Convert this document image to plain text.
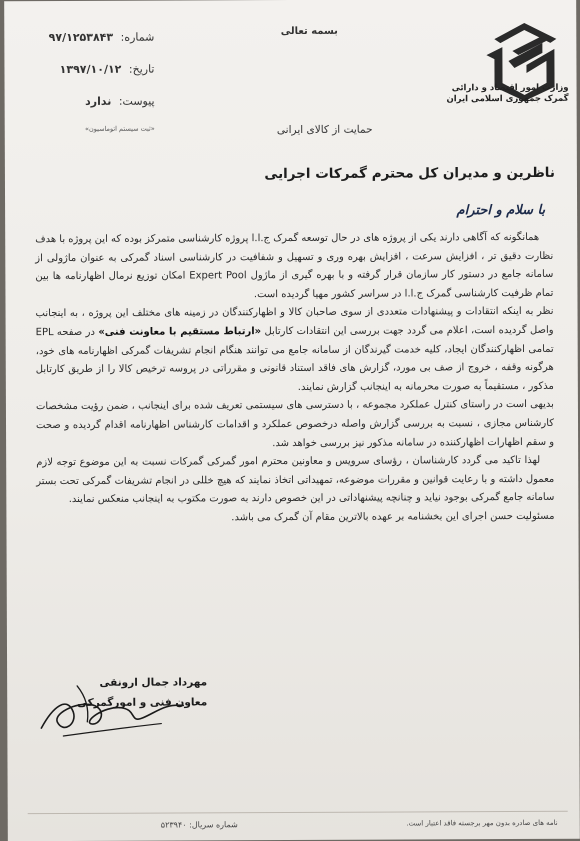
شماره: ۹۷/۱۲۵۳۸۴۳
تاریخ: ۱۳۹۷/۱۰/۱۲
پیوست: ندارد
«ثبت سیستم اتوماسیون»
بسمه تعالی
وزارت امور اقتصاد و دارائی
گمرک جمهوری اسلامی ایران
حمایت از کالای ایرانی
ناظرین و مدیران کل محترم گمرکات اجرایی
با سلام و احترام

همانگونه که آگاهی دارند یکی از پروژه های در حال توسعه گمرک ج.ا.ا پروژه کارشناسی متمرکز بوده که این پروژه با هدف نظارت دقیق تر ، افزایش سرعت ، افزایش بهره وری و تسهیل و شفافیت در کارشناسی اسناد گمرکی به عنوان ماژولی از سامانه جامع در دستور کار سازمان قرار گرفته و با بهره گیری از ماژول Expert Pool امکان توزیع نرمال اظهارنامه ها بین تمام ظرفیت کارشناسی گمرک ج.ا.ا در سراسر کشور مهیا گردیده است.

نظر به اینکه انتقادات و پیشنهادات متعددی از سوی صاحبان کالا و اظهارکنندگان در زمینه های مختلف این پروژه ، به اینجانب واصل گردیده است، اعلام می گردد جهت بررسی این انتقادات کارتابل «ارتباط مستقیم با معاونت فنی» در صفحه EPL تمامی اظهارکنندگان ایجاد، کلیه خدمت گیرندگان از سامانه جامع می توانند هنگام انجام تشریفات گمرکی اظهارنامه های خود، هرگونه وقفه ، خروج از صف بی مورد، گزارش های فاقد استناد قانونی و مقرراتی در پروسه ترخیص کالا را از طریق کارتابل مذکور ، مستقیماً به صورت محرمانه به اینجانب گزارش نمایند.

بدیهی است در راستای کنترل عملکرد مجموعه ، با دسترسی های سیستمی تعریف شده برای اینجانب ، ضمن رؤیت مشخصات کارشناس مجازی ، نسبت به بررسی گزارش واصله درخصوص عملکرد و اقدامات کارشناس اظهارنامه اقدام گردیده و صحت و سقم اظهارات اظهارکننده در سامانه مذکور نیز بررسی خواهد شد.

لهذا تاکید می گردد کارشناسان ، رؤسای سرویس و معاونین محترم امور گمرکی گمرکات نسبت به این موضوع توجه لازم معمول داشته و با رعایت قوانین و مقررات موضوعه، تمهیداتی اتخاذ نمایند که هیچ خللی در انجام تشریفات گمرکی تحت بستر سامانه جامع گمرکی بوجود نیاید و چنانچه پیشنهاداتی در این خصوص دارند به صورت مکتوب به اینجانب منعکس نمایند.

مسئولیت حسن اجرای این بخشنامه بر عهده بالاترین مقام آن گمرک می باشد.

مهرداد جمال ارونقی
معاون فنی و امورگمرکی
نامه های صادره بدون مهر برجسته فاقد اعتبار است.
شماره سریال: ۵۲۳۹۴۰
